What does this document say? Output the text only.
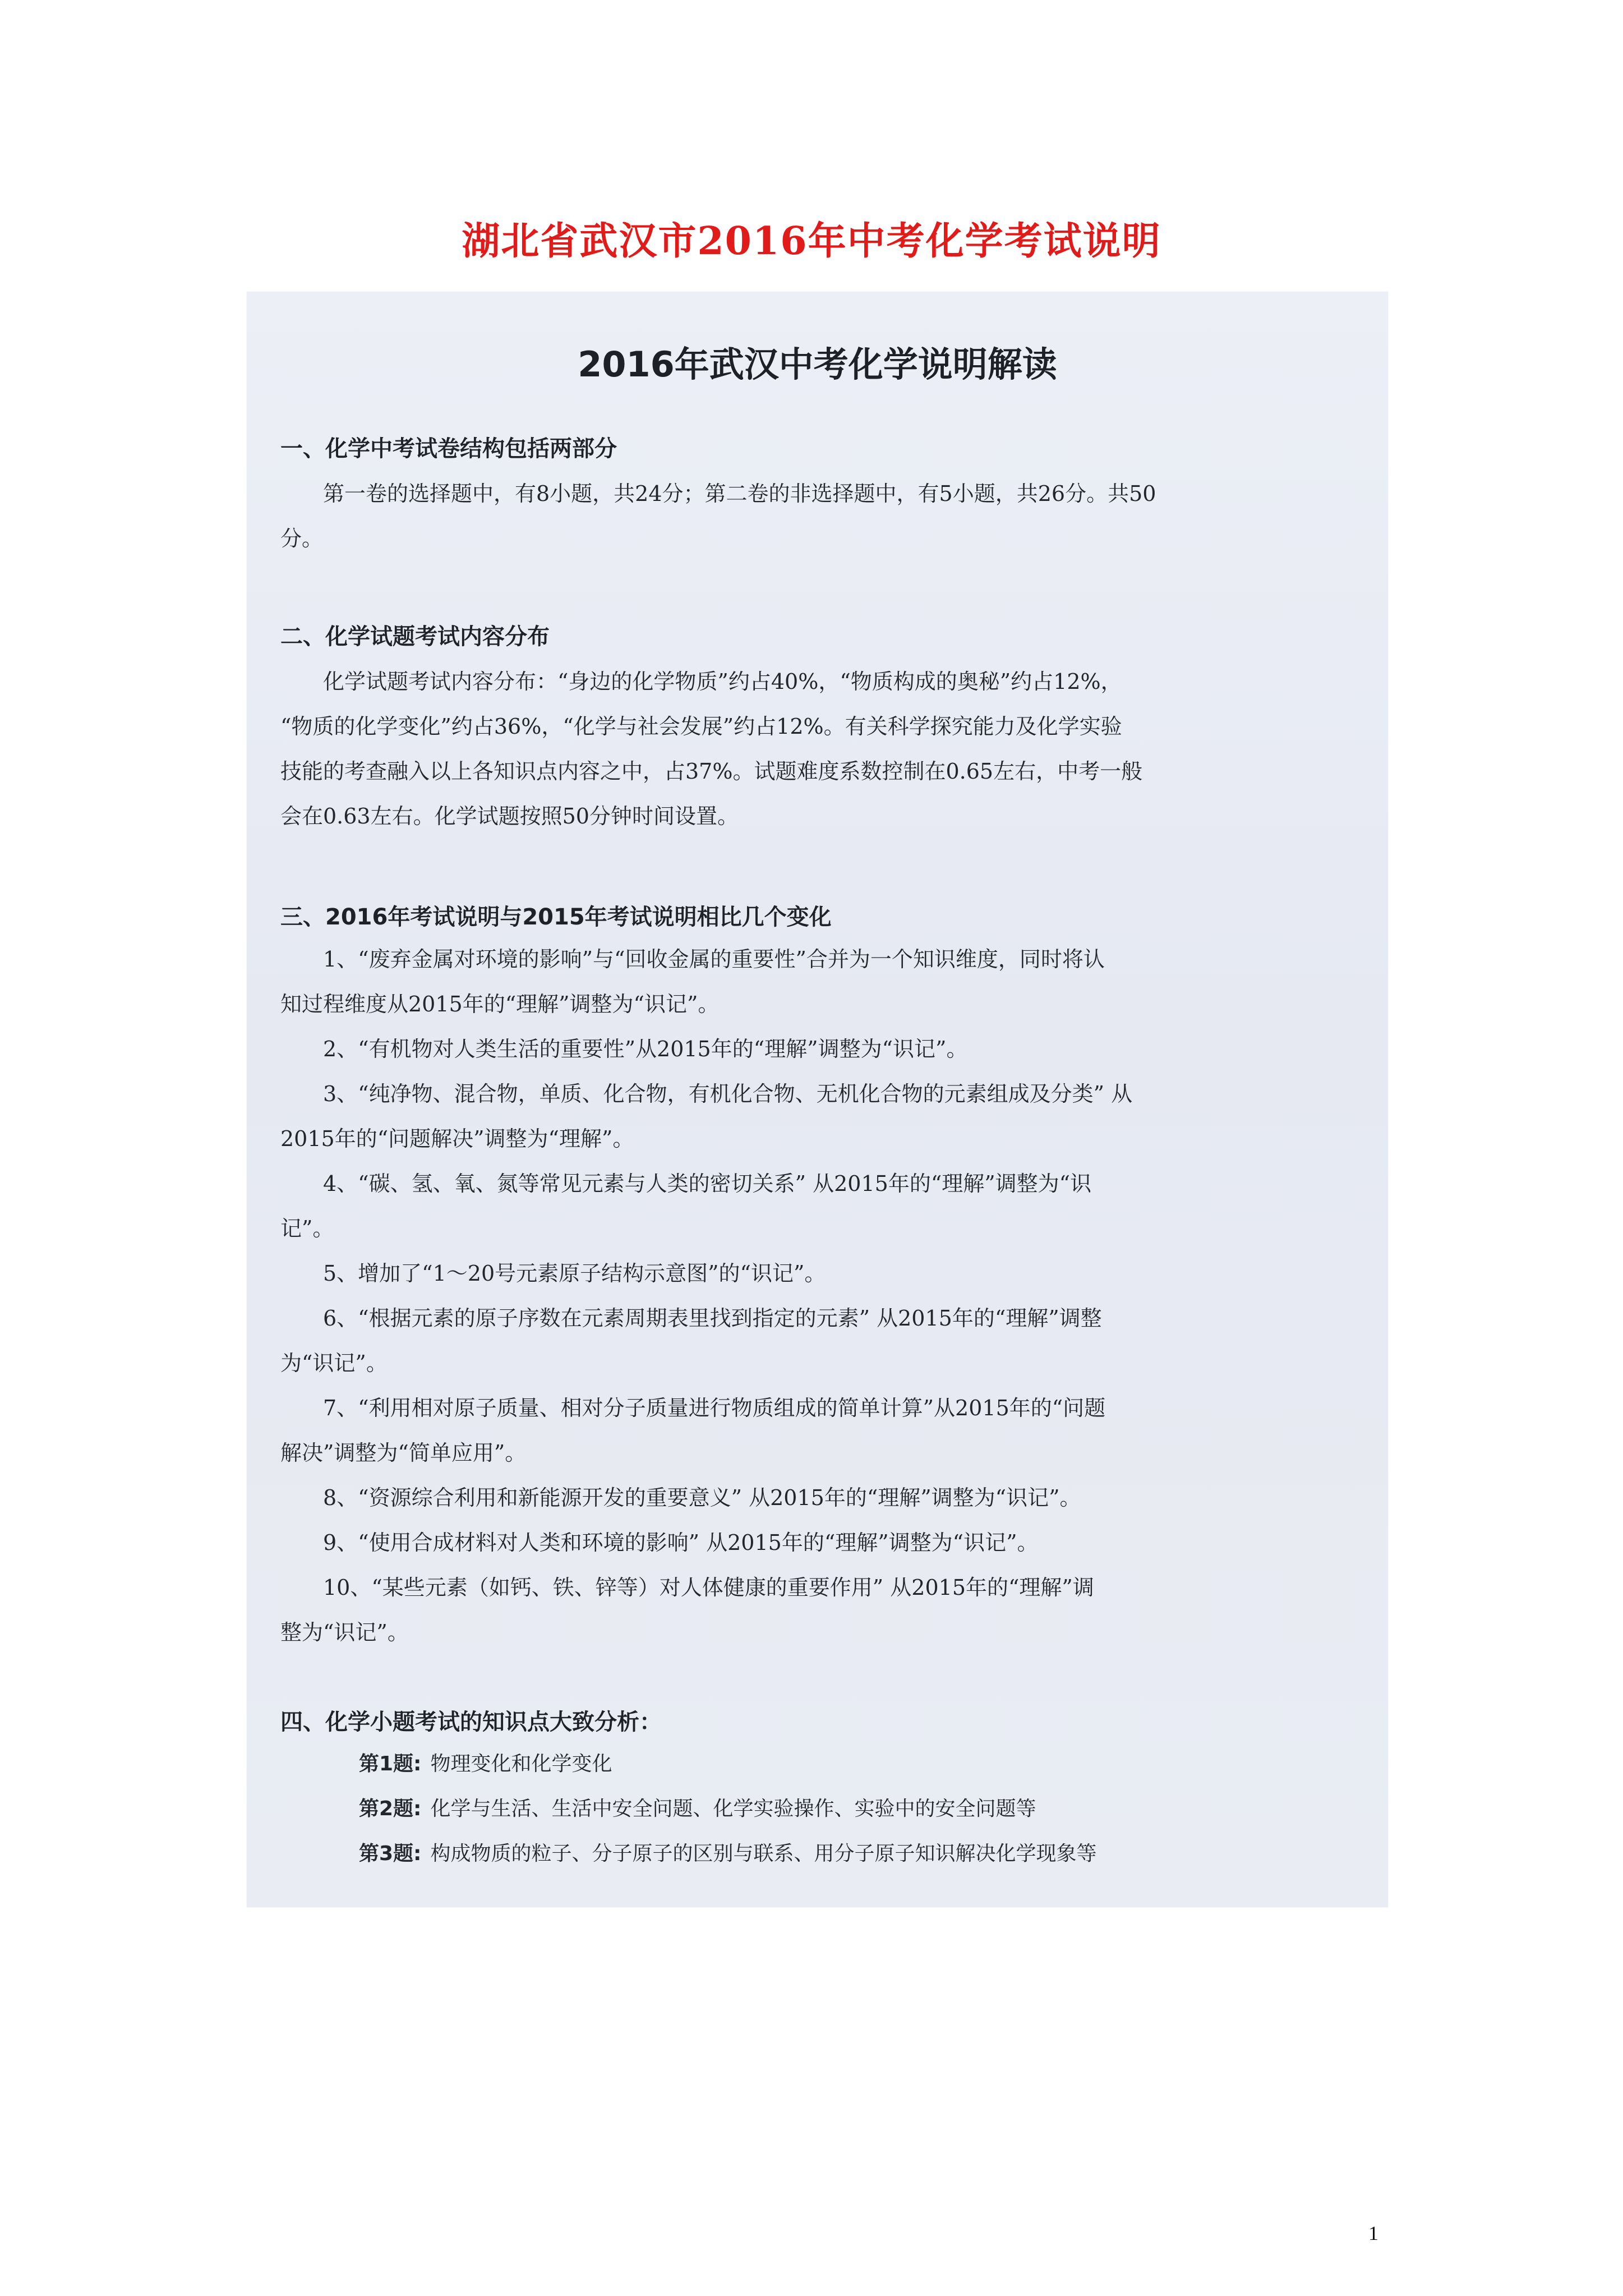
湖北省武汉市2016年中考化学考试说明
2016年武汉中考化学说明解读
一、化学中考试卷结构包括两部分
第一卷的选择题中，有8小题，共24分；第二卷的非选择题中，有5小题，共26分。共50
分。
二、化学试题考试内容分布
化学试题考试内容分布：“身边的化学物质”约占40%，“物质构成的奥秘”约占12%，
“物质的化学变化”约占36%，“化学与社会发展”约占12%。有关科学探究能力及化学实验
技能的考查融入以上各知识点内容之中，占37%。试题难度系数控制在0.65左右，中考一般
会在0.63左右。化学试题按照50分钟时间设置。
三、2016年考试说明与2015年考试说明相比几个变化
1、“废弃金属对环境的影响”与“回收金属的重要性”合并为一个知识维度，同时将认
知过程维度从2015年的“理解”调整为“识记”。
2、“有机物对人类生活的重要性”从2015年的“理解”调整为“识记”。
3、“纯净物、混合物，单质、化合物，有机化合物、无机化合物的元素组成及分类” 从
2015年的“问题解决”调整为“理解”。
4、“碳、氢、氧、氮等常见元素与人类的密切关系” 从2015年的“理解”调整为“识
记”。
5、增加了“1～20号元素原子结构示意图”的“识记”。
6、“根据元素的原子序数在元素周期表里找到指定的元素” 从2015年的“理解”调整
为“识记”。
7、“利用相对原子质量、相对分子质量进行物质组成的简单计算”从2015年的“问题
解决”调整为“简单应用”。
8、“资源综合利用和新能源开发的重要意义” 从2015年的“理解”调整为“识记”。
9、“使用合成材料对人类和环境的影响” 从2015年的“理解”调整为“识记”。
10、“某些元素（如钙、铁、锌等）对人体健康的重要作用” 从2015年的“理解”调
整为“识记”。
四、化学小题考试的知识点大致分析：
第1题: 物理变化和化学变化
第2题: 化学与生活、生活中安全问题、化学实验操作、实验中的安全问题等
第3题: 构成物质的粒子、分子原子的区别与联系、用分子原子知识解决化学现象等
1
